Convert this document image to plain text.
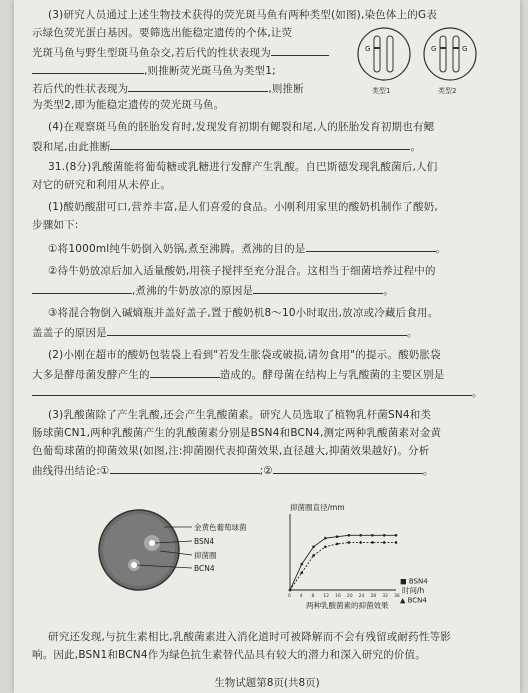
(3)研究人员通过上述生物技术获得的荧光斑马鱼有两种类型(如图),染色体上的G表
示绿色荧光蛋白基因。要筛选出能稳定遗传的个体,让荧
光斑马鱼与野生型斑马鱼杂交,若后代的性状表现为
,则推断荧光斑马鱼为类型1;
若后代的性状表现为	,则推断
为类型2,即为能稳定遗传的荧光斑马鱼。
G
类型1
G	G
类型2
(4)在观察斑马鱼的胚胎发育时,发现发育初期有鳃裂和尾,人的胚胎发育初期也有鳃
裂和尾,由此推断	。
31.(8分)乳酸菌能将葡萄糖或乳糖进行发酵产生乳酸。自巴斯德发现乳酸菌后,人们
对它的研究和利用从未停止。
(1)酸奶酸甜可口,营养丰富,是人们喜爱的食品。小刚利用家里的酸奶机制作了酸奶,
步骤如下:
①将1000ml纯牛奶倒入奶锅,煮至沸腾。煮沸的目的是	。
②待牛奶放凉后加入适量酸奶,用筷子搅拌至充分混合。这相当于细菌培养过程中的
,煮沸的牛奶放凉的原因是	。
③将混合物倒入碱熵瓶并盖好盖子,置于酸奶机8～10小时取出,放凉或冷藏后食用。
盖盖子的原因是	。
(2)小刚在超市的酸奶包装袋上看到"若发生胀袋或破损,请勿食用"的提示。酸奶胀袋
大多是酵母菌发酵产生的	造成的。酵母菌在结构上与乳酸菌的主要区别是
。
(3)乳酸菌除了产生乳酸,还会产生乳酸菌素。研究人员选取了植物乳杆菌SN4和类
肠球菌CN1,两种乳酸菌产生的乳酸菌素分别是BSN4和BCN4,测定两种乳酸菌素对金黄
色葡萄球菌的抑菌效果(如图,注:抑菌圈代表抑菌效果,直径越大,抑菌效果越好)。分析
曲线得出结论:①	;②	。
金黄色葡萄球菌
BSN4
抑菌圈
BCN4
抑菌圈直径/mm
时间/h
0 4 8 12 16 20 24 28 32 36
■ BSN4
▲ BCN4
两种乳酸菌素的抑菌效果
研究还发现,与抗生素相比,乳酸菌素进入消化道时可被降解而不会有残留或耐药性等影
响。因此,BSN1和BCN4作为绿色抗生素替代品具有较大的潜力和深入研究的价值。
生物试题第8页(共8页)
